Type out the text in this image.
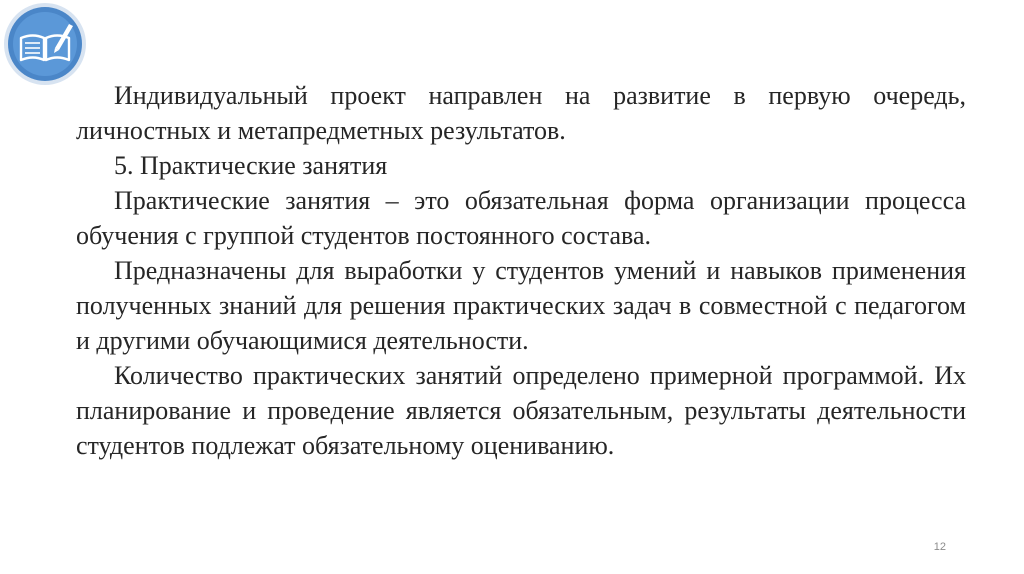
Индивидуальный проект направлен на развитие в первую очередь, личностных и метапредметных результатов.

5. Практические занятия

Практические занятия – это обязательная форма организации процесса обучения с группой студентов постоянного состава.

Предназначены для выработки у студентов умений и навыков применения полученных знаний для решения практических задач в совместной с педагогом и другими обучающимися деятельности.

Количество практических занятий определено примерной программой. Их планирование и проведение является обязательным, результаты деятельности студентов подлежат обязательному оцениванию.

12
